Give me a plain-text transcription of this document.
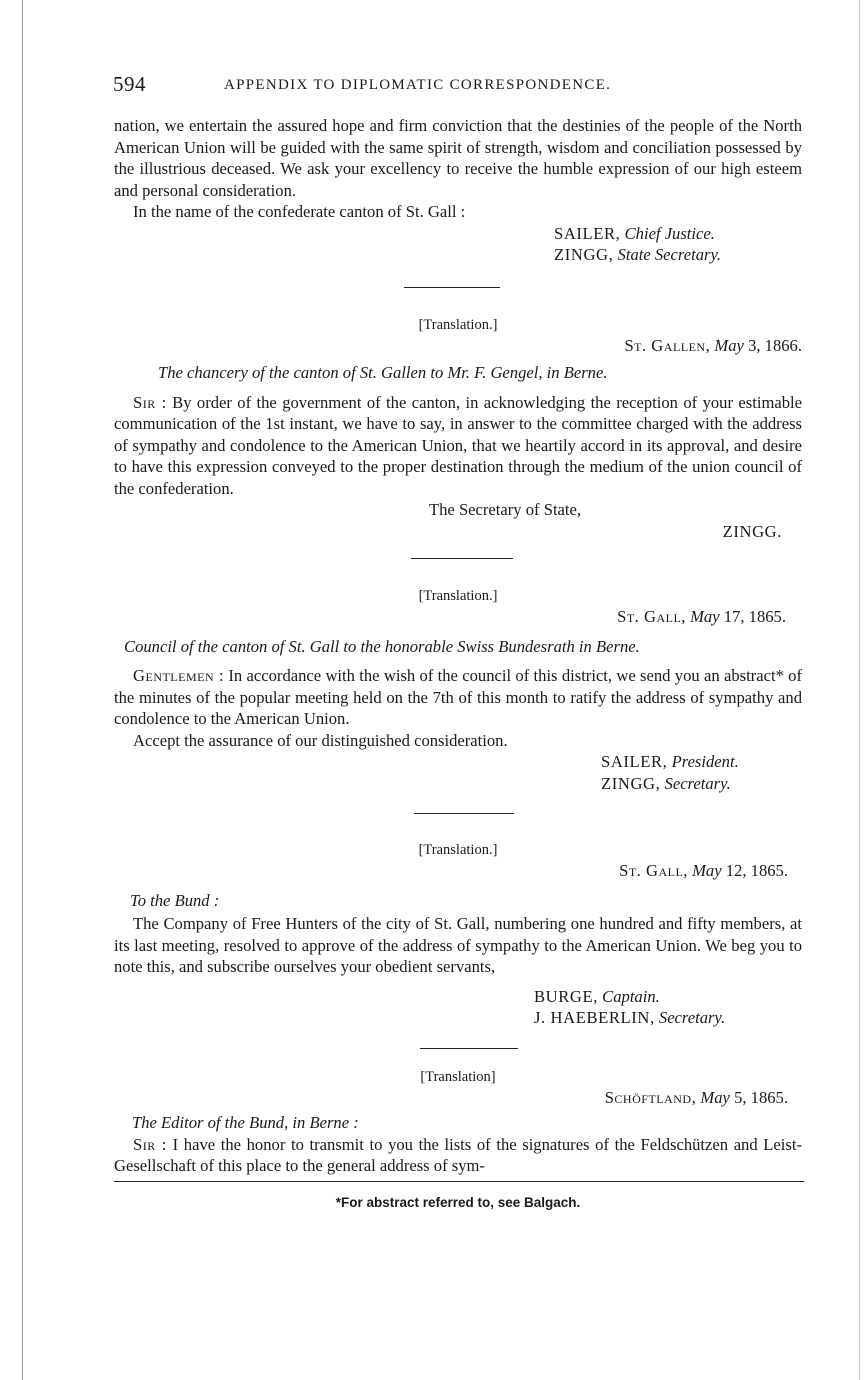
594	APPENDIX TO DIPLOMATIC CORRESPONDENCE.

nation, we entertain the assured hope and firm conviction that the destinies of the people of the North American Union will be guided with the same spirit of strength, wisdom and conciliation possessed by the illustrious deceased. We ask your excellency to receive the humble expression of our high esteem and personal consideration.

In the name of the confederate canton of St. Gall :

SAILER, Chief Justice.
ZINGG, State Secretary.
[Translation.]
St. Gallen, May 3, 1866.
The chancery of the canton of St. Gallen to Mr. F. Gengel, in Berne.

Sir : By order of the government of the canton, in acknowledging the reception of your estimable communication of the 1st instant, we have to say, in answer to the committee charged with the address of sympathy and condolence to the American Union, that we heartily accord in its approval, and desire to have this expression conveyed to the proper destination through the medium of the union council of the confederation.

The Secretary of State,
ZINGG.
[Translation.]
St. Gall, May 17, 1865.
Council of the canton of St. Gall to the honorable Swiss Bundesrath in Berne.

Gentlemen : In accordance with the wish of the council of this district, we send you an abstract* of the minutes of the popular meeting held on the 7th of this month to ratify the address of sympathy and condolence to the American Union.

Accept the assurance of our distinguished consideration.

SAILER, President.
ZINGG, Secretary.
[Translation.]
St. Gall, May 12, 1865.
To the Bund :

The Company of Free Hunters of the city of St. Gall, numbering one hundred and fifty members, at its last meeting, resolved to approve of the address of sympathy to the American Union. We beg you to note this, and subscribe ourselves your obedient servants,

BURGE, Captain.
J. HAEBERLIN, Secretary.
[Translation]
Schöftland, May 5, 1865.
The Editor of the Bund, in Berne :

Sir : I have the honor to transmit to you the lists of the signatures of the Feldschützen and Leist-Gesellschaft of this place to the general address of sym-

*For abstract referred to, see Balgach.
